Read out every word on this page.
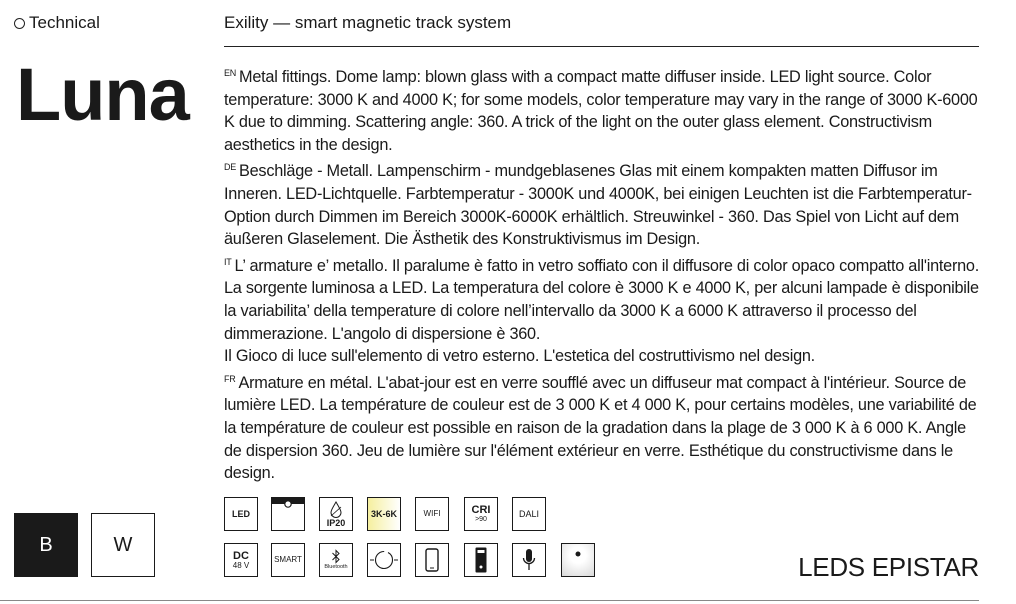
Technical	Exility — smart magnetic track system
Luna	$^{EN}$ Metal fittings. Dome lamp: blown glass with a compact matte diffuser inside. LED light source. Color temperature: 3000 K and 4000 K; for some models, color temperature may vary in the range of 3000 K-6000 K due to dimming. Scattering angle: 360. A trick of the light on the outer glass element. Constructivism aesthetics in the design.

$^{DE}$ Beschläge - Metall. Lampenschirm - mundgeblasenes Glas mit einem kompakten matten Diffusor im Inneren. LED-Lichtquelle. Farbtemperatur - 3000K und 4000K, bei einigen Leuchten ist die Farbtemperatur-Option durch Dimmen im Bereich 3000K-6000K erhältlich. Streuwinkel - 360. Das Spiel von Licht auf dem äußeren Glaselement. Die Ästhetik des Konstruktivismus im Design.

$^{IT}$ L’ armature e’ metallo. Il paralume è fatto in vetro soffiato con il diffusore di color opaco compatto all'interno. La sorgente luminosa a LED. La temperatura del colore è 3000 K e 4000 K, per alcuni lampade è disponibile la variabilita’ della temperature di colore nell’intervallo da 3000 K a 6000 K attraverso il processo del dimmerazione. L'angolo di dispersione è 360.

Il Gioco di luce sull'elemento di vetro esterno. L'estetica del costruttivismo nel design.

$^{FR}$ Armature en métal. L'abat-jour est en verre soufflé avec un diffuseur mat compact à l'intérieur. Source de lumière LED. La température de couleur est de 3 000 K et 4 000 K, pour certains modèles, une variabilité de la température de couleur est possible en raison de la gradation dans la plage de 3 000 K à 6 000 K. Angle de dispersion 360. Jeu de lumière sur l'élément extérieur en verre. Esthétique du constructivisme dans le design.

B	W
LED
IP20
3K-6K	WIFI	CRI
>90	DALI
DC
48 V
SMART
Bluetooth	LEDS EPISTAR
